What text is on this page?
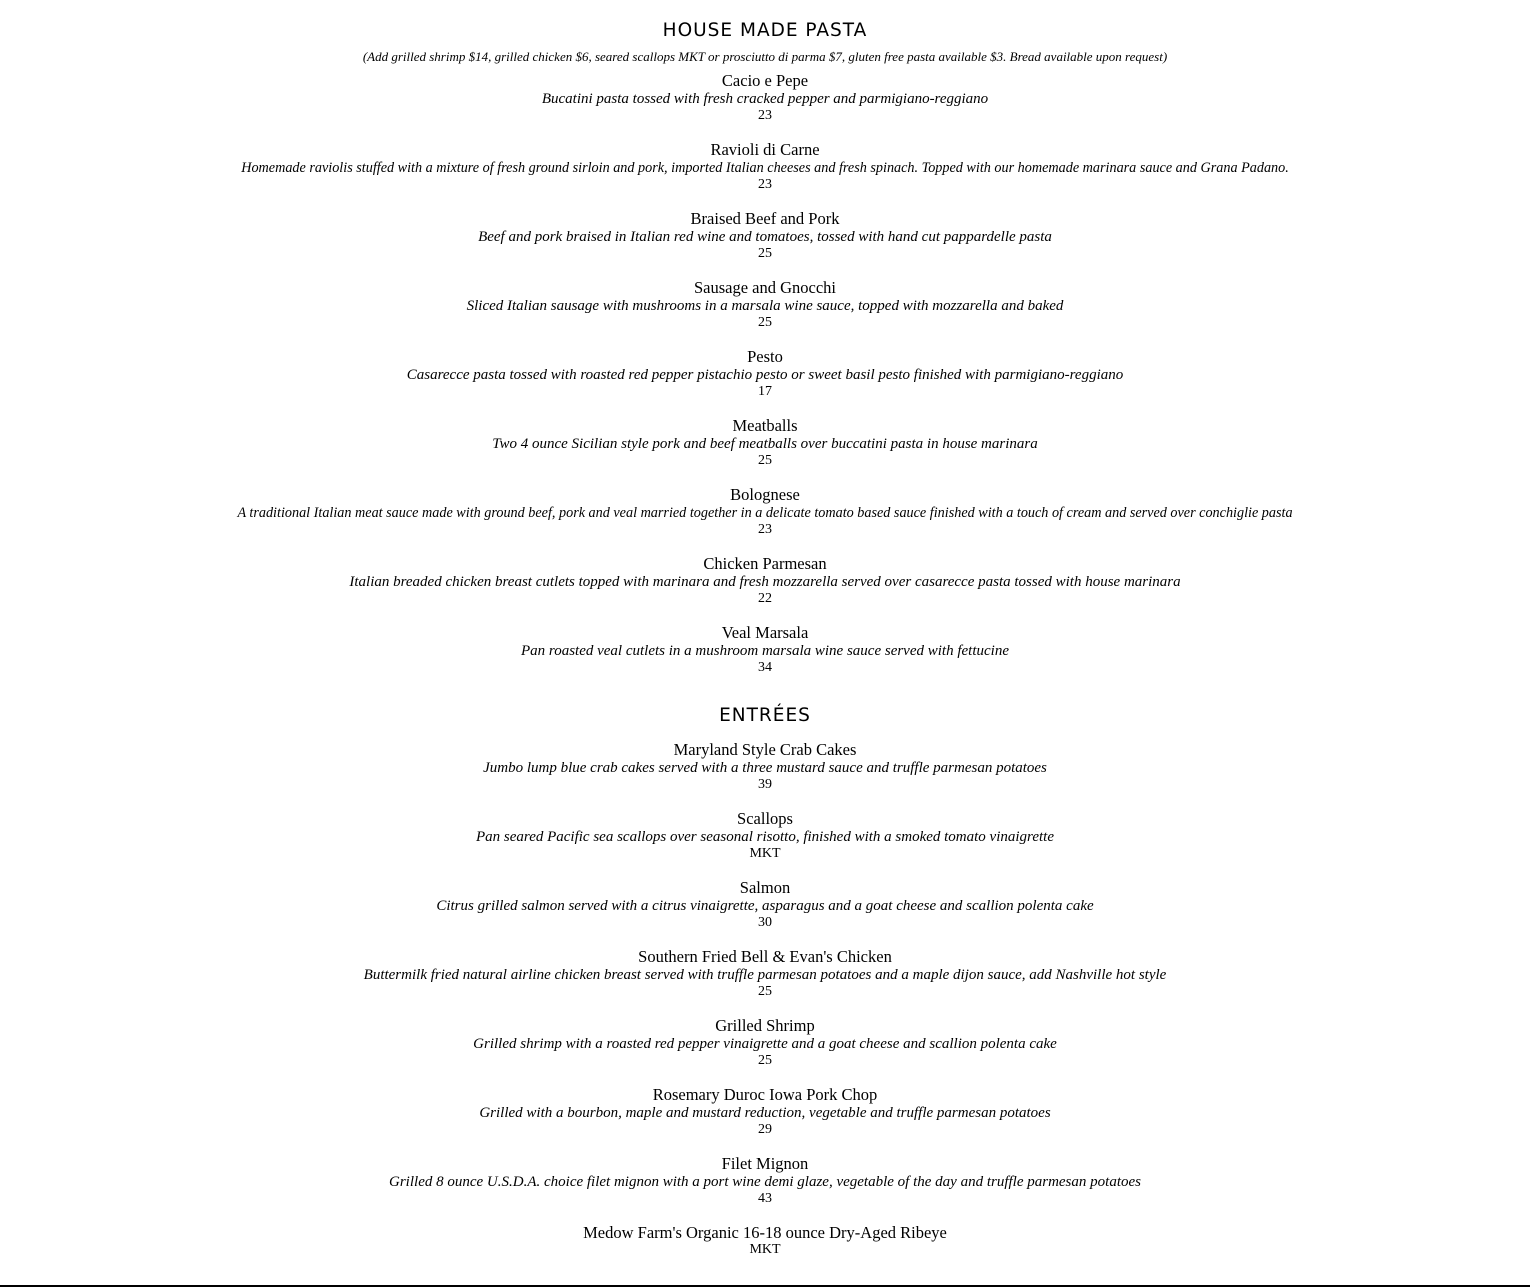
HOUSE MADE PASTA
(Add grilled shrimp $14, grilled chicken $6, seared scallops MKT or prosciutto di parma $7, gluten free pasta available $3. Bread available upon request)
Cacio e Pepe
Bucatini pasta tossed with fresh cracked pepper and parmigiano-reggiano
23
Ravioli di Carne
Homemade raviolis stuffed with a mixture of fresh ground sirloin and pork, imported Italian cheeses and fresh spinach. Topped with our homemade marinara sauce and Grana Padano.
23
Braised Beef and Pork
Beef and pork braised in Italian red wine and tomatoes, tossed with hand cut pappardelle pasta
25
Sausage and Gnocchi
Sliced Italian sausage with mushrooms in a marsala wine sauce, topped with mozzarella and baked
25
Pesto
Casarecce pasta tossed with roasted red pepper pistachio pesto or sweet basil pesto finished with parmigiano-reggiano
17
Meatballs
Two 4 ounce Sicilian style pork and beef meatballs over buccatini pasta in house marinara
25
Bolognese
A traditional Italian meat sauce made with ground beef, pork and veal married together in a delicate tomato based sauce finished with a touch of cream and served over conchiglie pasta
23
Chicken Parmesan
Italian breaded chicken breast cutlets topped with marinara and fresh mozzarella served over casarecce pasta tossed with house marinara
22
Veal Marsala
Pan roasted veal cutlets in a mushroom marsala wine sauce served with fettucine
34
ENTRÉES
Maryland Style Crab Cakes
Jumbo lump blue crab cakes served with a three mustard sauce and truffle parmesan potatoes
39
Scallops
Pan seared Pacific sea scallops over seasonal risotto, finished with a smoked tomato vinaigrette
MKT
Salmon
Citrus grilled salmon served with a citrus vinaigrette, asparagus and a goat cheese and scallion polenta cake
30
Southern Fried Bell & Evan's Chicken
Buttermilk fried natural airline chicken breast served with truffle parmesan potatoes and a maple dijon sauce, add Nashville hot style
25
Grilled Shrimp
Grilled shrimp with a roasted red pepper vinaigrette and a goat cheese and scallion polenta cake
25
Rosemary Duroc Iowa Pork Chop
Grilled with a bourbon, maple and mustard reduction, vegetable and truffle parmesan potatoes
29
Filet Mignon
Grilled 8 ounce U.S.D.A. choice filet mignon with a port wine demi glaze, vegetable of the day and truffle parmesan potatoes
43
Medow Farm's Organic 16-18 ounce Dry-Aged Ribeye
MKT
